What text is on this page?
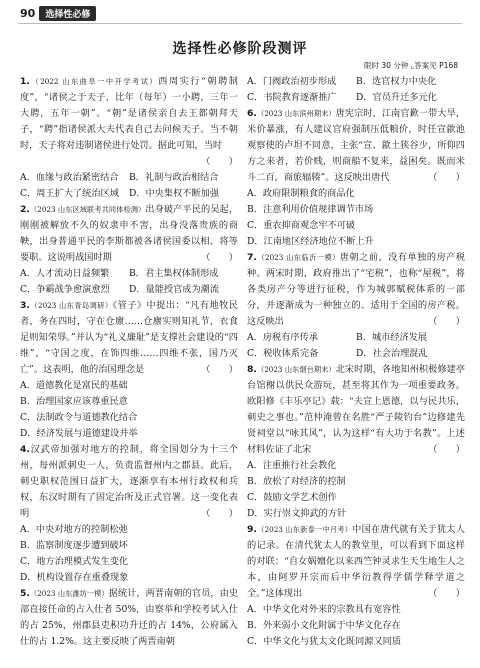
90	选择性必修
选择性必修阶段测评
限时 30 分钟 ⌞答案见 P168
1.（2022 山东曲阜一中开学考试）西周实行“朝聘制度”，“诸侯之于天子，比年（每年）一小聘，三年一大聘，五年一朝”。“朝”是诸侯亲自去王都朝拜天子，“聘”指诸侯派大夫代表自己去问候天子。当不朝时，天子将对违制诸侯进行处罚。据此可知，当时
（　　）
A．血缘与政治紧密结合	B．礼制与政治相结合
C．周王扩大了统治区域	D．中央集权不断加强
2.（2023 山东区域联考共同体检测）出身破产平民的吴起，刚刚被解放不久的奴隶申不害，出身没落贵族的商鞅，出身普通平民的李斯都被各诸侯国委以相、将等要职。这说明战国时期	（　　）
A．人才流动日益频繁	B．君主集权体制形成
C．争霸战争愈演愈烈	D．量能授官成为潮流
3.（2023 山东青岛调研）《管子》中提出：“凡有地牧民者，务在四时，守在仓廪……仓廪实则知礼节，衣食足则知荣辱。”并认为“礼义廉耻”是支撑社会建设的“四维”，“守国之度，在饰四维……四维不张，国乃灭亡”。这表明，他的治国理念是	（　　）
A．道德教化是富民的基础
B．治理国家应该尊重民意
C．法制政令与道德教化结合
D．经济发展与道德建设并举
4.汉武帝加强对地方的控制，将全国划分为十三个州，每州派刺史一人，负责监督州内之郡县。此后，刺史职权范围日益扩大，逐渐享有本州行政权和兵权，东汉时期有了固定治所及正式官署。这一变化表明	（　　）
A．中央对地方的控制松弛
B．监察制度逐步遭到破坏
C．地方治理模式发生变化
D．机构设置存在重叠现象
5.（2023 山东潍坊一模）据统计，两晋南朝的官员，由史部直接任命的占入仕者 50%，由察举和学校考试入仕的占 25%，州郡县吏积功升迁的占 14%，公府属入仕的占 1.2%。这主要反映了两晋南朝
A．门阀政治初步形成	B．选官权力中央化
C．书院教育逐渐推广	D．官员升迁多元化
6.（2023 山东滨州期末）唐宪宗时，江南官歉一带大旱，米价暴涨，有人建议官府强制压低粮价，时任宣歙池观察使的卢坦不同意，主张“宣、歙土狭谷少，所仰四方之来者，若价贱，则商船不复来，益困矣。既而米斗二百，商旅辐辏”。这反映出唐代	（　　）
A．政府限制粮食的商品化
B．注意利用价值规律调节市场
C．重农抑商观念牢不可破
D．江南地区经济地位不断上升
7.（2023 山东临沂一模）唐朝之前，没有单独的房产税种。两宋时期，政府推出了“宅税”，也称“屋税”，将各类房产分等进行征税，作为城郭赋税体系的一部分，并逐渐成为一种独立的、适用于全国的房产税。这反映出	（　　）
A．房税有序传承	B．城市经济发展
C．税收体系完备	D．社会治理混乱
8.（2023 山东烟台期末）北宋时期，各地知州积极修建亭台馆榭以供民众游玩，甚至将其作为一项重要政务。欧阳修《丰乐亭记》载：“夫宣上恩德，以与民共乐，刺史之事也。”范仲淹曾在名胜“严子陵钓台”边修建先贤祠堂以“咏其风”，认为这样“有大功于名教”。上述材料佐证了北宋	（　　）
A．注重推行社会教化
B．放松了对经济的控制
C．鼓励文学艺术创作
D．实行崇文抑武的方针
9.（2023 山东新泰一中月考）中国在唐代就有关于犹太人的记录。在清代犹太人的教堂里，可以看到下面这样的对联：“自女娲嬗化以来西竺钟灵求生天生地生人之本，由阿罗开宗而后中华衍教得学儒学释学道之全。”这体现出	（　　）
A．中华文化对外来的宗教具有宽容性
B．外来弱小文化附属于中华文化存在
C．中华文化与犹太文化既同源又同质
